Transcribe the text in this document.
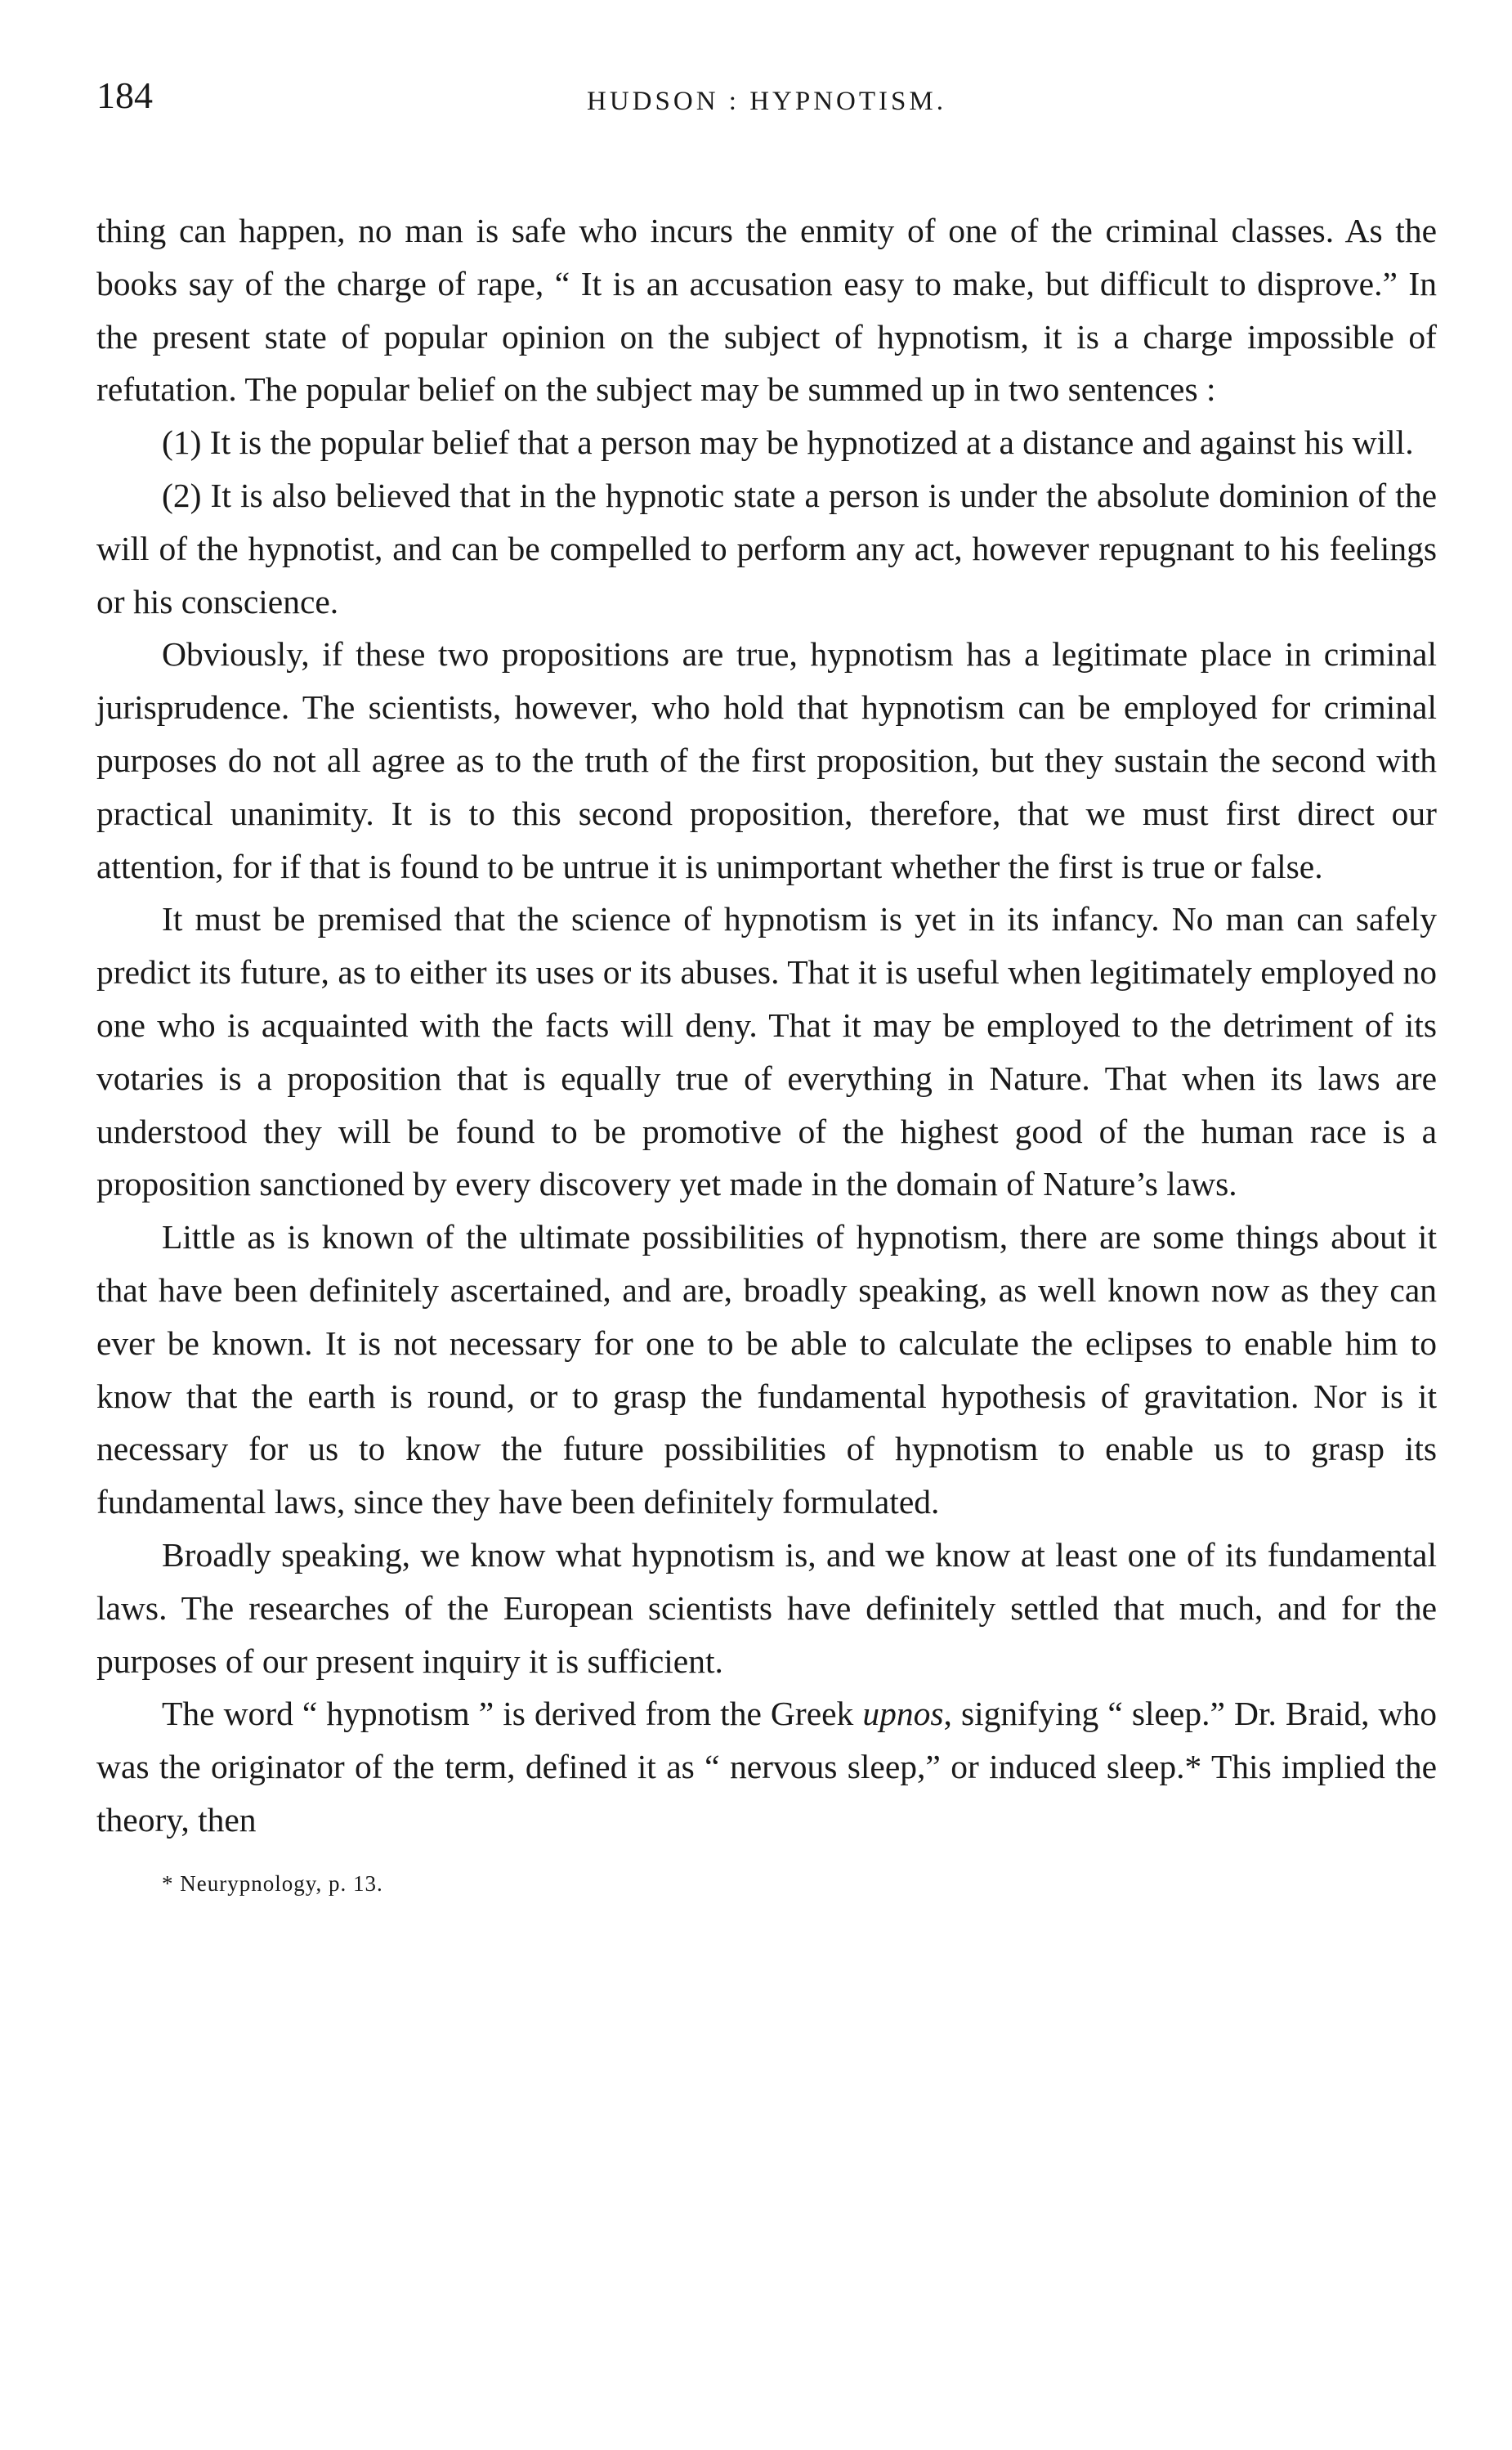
184	HUDSON : HYPNOTISM.

thing can happen, no man is safe who incurs the enmity of one of the criminal classes. As the books say of the charge of rape, “ It is an accusation easy to make, but difficult to disprove.” In the present state of popular opinion on the subject of hypnotism, it is a charge impossible of refutation. The popular belief on the subject may be summed up in two sentences :

(1) It is the popular belief that a person may be hypnotized at a distance and against his will.

(2) It is also believed that in the hypnotic state a person is under the absolute dominion of the will of the hypnotist, and can be compelled to perform any act, however repugnant to his feelings or his conscience.

Obviously, if these two propositions are true, hypnotism has a legitimate place in criminal jurisprudence. The scientists, however, who hold that hypnotism can be employed for criminal purposes do not all agree as to the truth of the first proposition, but they sustain the second with practical unanimity. It is to this second proposition, therefore, that we must first direct our attention, for if that is found to be untrue it is unimportant whether the first is true or false.

It must be premised that the science of hypnotism is yet in its infancy. No man can safely predict its future, as to either its uses or its abuses. That it is useful when legitimately employed no one who is acquainted with the facts will deny. That it may be employed to the detriment of its votaries is a proposition that is equally true of everything in Nature. That when its laws are understood they will be found to be promotive of the highest good of the human race is a proposition sanctioned by every discovery yet made in the domain of Nature’s laws.

Little as is known of the ultimate possibilities of hypnotism, there are some things about it that have been definitely ascertained, and are, broadly speaking, as well known now as they can ever be known. It is not necessary for one to be able to calculate the eclipses to enable him to know that the earth is round, or to grasp the fundamental hypothesis of gravitation. Nor is it necessary for us to know the future possibilities of hypnotism to enable us to grasp its fundamental laws, since they have been definitely formulated.

Broadly speaking, we know what hypnotism is, and we know at least one of its fundamental laws. The researches of the European scientists have definitely settled that much, and for the purposes of our present inquiry it is sufficient.

The word “ hypnotism ” is derived from the Greek upnos, signifying “ sleep.” Dr. Braid, who was the originator of the term, defined it as “ nervous sleep,” or induced sleep.* This implied the theory, then

* Neurypnology, p. 13.
